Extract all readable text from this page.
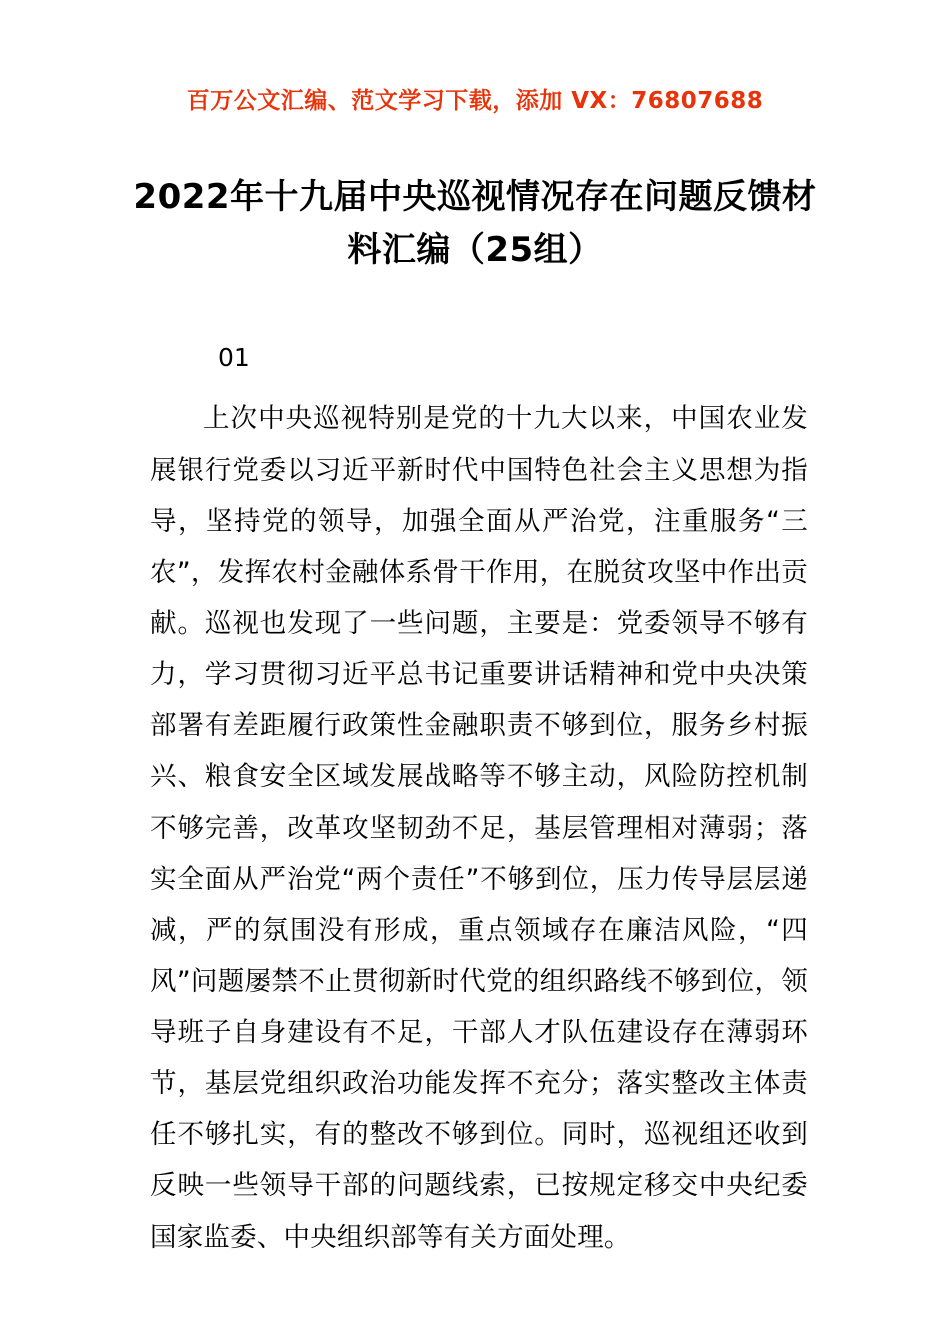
百万公文汇编、范文学习下载，添加 VX：76807688
2022年十九届中央巡视情况存在问题反馈材料汇编（25组）
01

上次中央巡视特别是党的十九大以来，中国农业发展银行党委以习近平新时代中国特色社会主义思想为指导，坚持党的领导，加强全面从严治党，注重服务“三农”，发挥农村金融体系骨干作用，在脱贫攻坚中作出贡献。巡视也发现了一些问题，主要是：党委领导不够有力，学习贯彻习近平总书记重要讲话精神和党中央决策部署有差距履行政策性金融职责不够到位，服务乡村振兴、粮食安全区域发展战略等不够主动，风险防控机制不够完善，改革攻坚韧劲不足，基层管理相对薄弱；落实全面从严治党“两个责任”不够到位，压力传导层层递减，严的氛围没有形成，重点领域存在廉洁风险，“四风”问题屡禁不止贯彻新时代党的组织路线不够到位，领导班子自身建设有不足，干部人才队伍建设存在薄弱环节，基层党组织政治功能发挥不充分；落实整改主体责任不够扎实，有的整改不够到位。同时，巡视组还收到反映一些领导干部的问题线索，已按规定移交中央纪委国家监委、中央组织部等有关方面处理。
